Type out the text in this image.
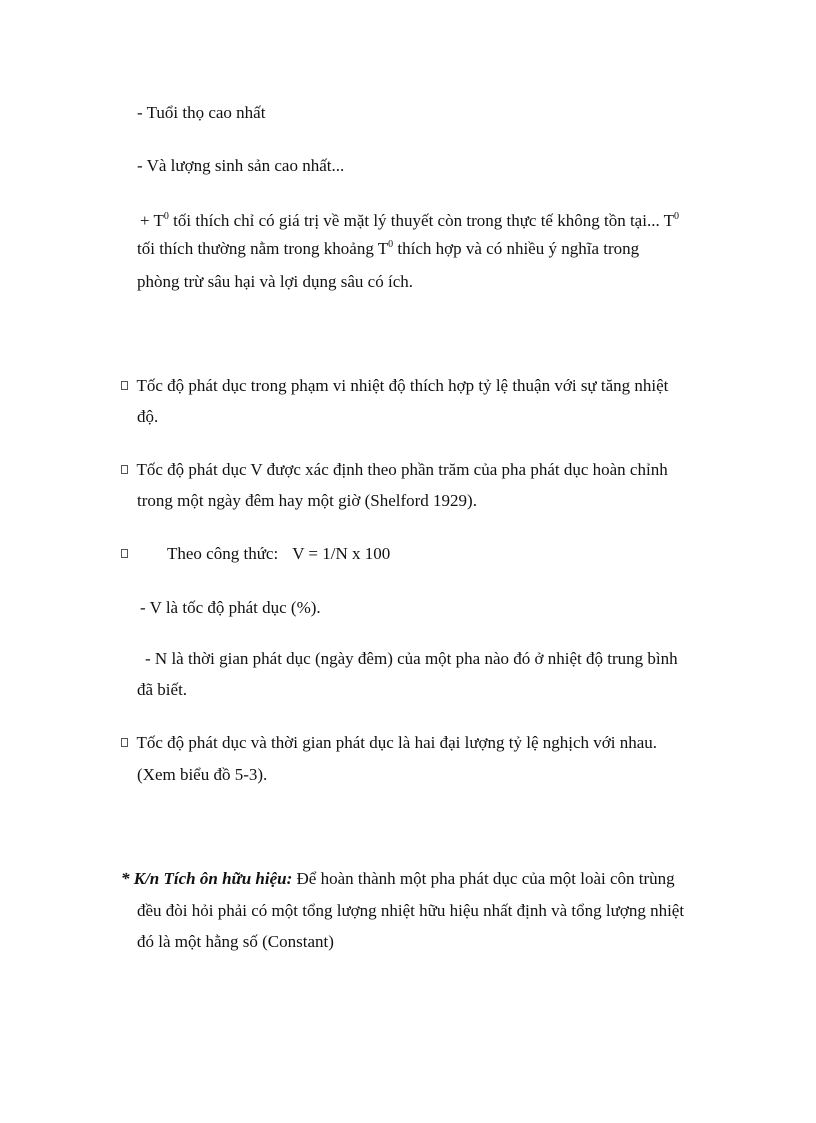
- Tuổi thọ cao nhất
- Và lượng sinh sản cao nhất...
+ $T^0$ tối thích chỉ có giá trị về mặt lý thuyết còn trong thực tế không tồn tại... $T^0$
tối thích thường nằm trong khoảng $T^0$ thích hợp và có nhiều ý nghĩa trong
phòng trừ sâu hại và lợi dụng sâu có ích.
Tốc độ phát dục trong phạm vi nhiệt độ thích hợp tỷ lệ thuận với sự tăng nhiệt
độ.
Tốc độ phát dục V được xác định theo phần trăm của pha phát dục hoàn chỉnh
trong một ngày đêm hay một giờ (Shelford 1929).
Theo công thức: V = 1/N x 100
- V là tốc độ phát dục (%).
- N là thời gian phát dục (ngày đêm) của một pha nào đó ở nhiệt độ trung bình
đã biết.
Tốc độ phát dục và thời gian phát dục là hai đại lượng tỷ lệ nghịch với nhau.
(Xem biểu đồ 5-3).
* K/n Tích ôn hữu hiệu: Để hoàn thành một pha phát dục của một loài côn trùng
đều đòi hỏi phải có một tổng lượng nhiệt hữu hiệu nhất định và tổng lượng nhiệt
đó là một hằng số (Constant)
